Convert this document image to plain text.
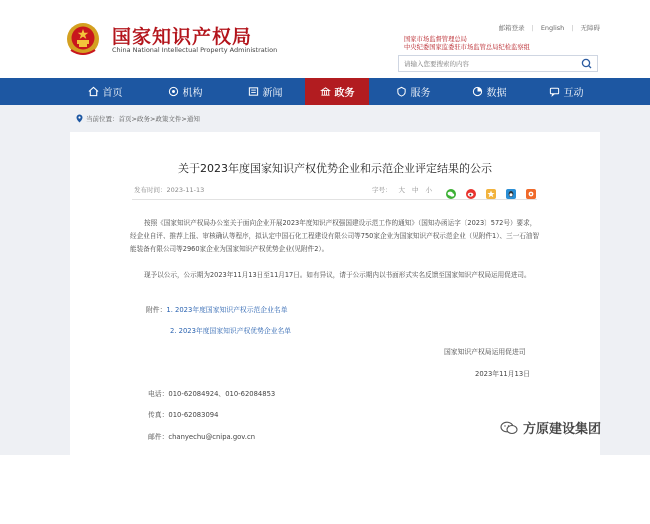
国家知识产权局
China National Intellectual Property Administration
邮箱登录 | English | 无障碍
国家市场监督管理总局
中央纪委国家监委驻市场监管总局纪检监察组
请输入您要搜索的内容
首页	机构	新闻	政务	服务	数据	互动
当前位置：首页>政务>政策文件>通知
关于2023年度国家知识产权优势企业和示范企业评定结果的公示
发布时间：2023-11-13	字号： 大 中 小

按照《国家知识产权局办公室关于面向企业开展2023年度知识产权强国建设示范工作的通知》（国知办函运字〔2023〕572号）要求，经企业自评、推荐上报、审核确认等程序，拟认定中国石化工程建设有限公司等750家企业为国家知识产权示范企业（见附件1）、三一石油智能装备有限公司等2960家企业为国家知识产权优势企业(见附件2）。

现予以公示，公示期为2023年11月13日至11月17日。如有异议，请于公示期内以书面形式实名反馈至国家知识产权局运用促进司。

附件：1. 2023年度国家知识产权示范企业名单
2. 2023年度国家知识产权优势企业名单
国家知识产权局运用促进司
2023年11月13日
电话：010-62084924、010-62084853
传真：010-62083094
邮件：chanyechu@cnipa.gov.cn	方原建设集团
